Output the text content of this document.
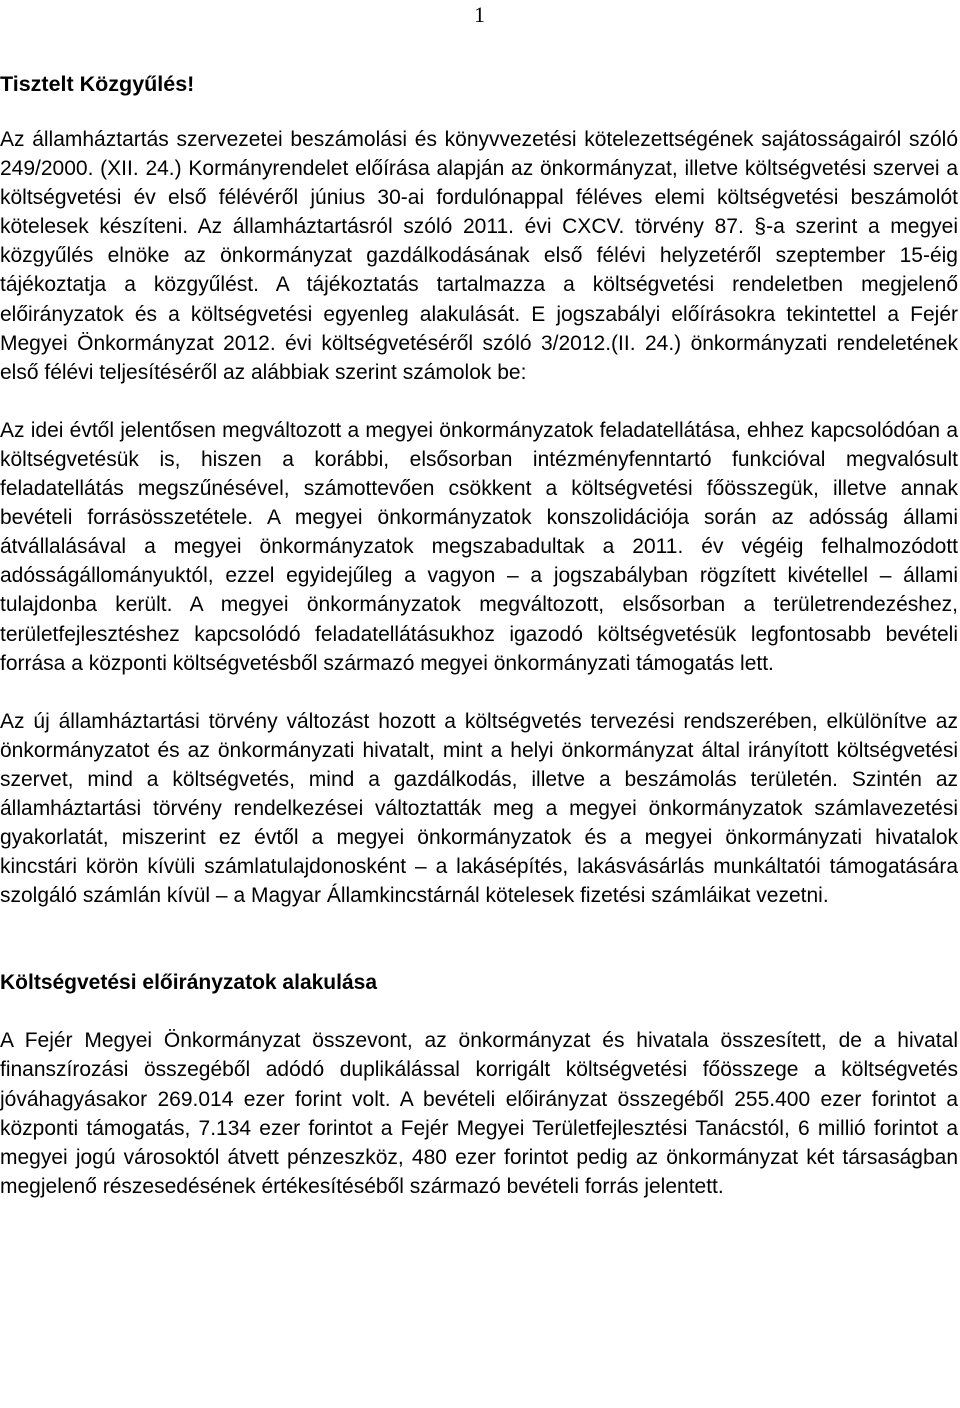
1

Tisztelt Közgyűlés!

Az államháztartás szervezetei beszámolási és könyvvezetési kötelezettségének sajátosságairól szóló 249/2000. (XII. 24.) Kormányrendelet előírása alapján az önkormányzat, illetve költségvetési szervei a költségvetési év első félévéről június 30-ai fordulónappal féléves elemi költségvetési beszámolót kötelesek készíteni. Az államháztartásról szóló 2011. évi CXCV. törvény 87. §-a szerint a megyei közgyűlés elnöke az önkormányzat gazdálkodásának első félévi helyzetéről szeptember 15-éig tájékoztatja a közgyűlést. A tájékoztatás tartalmazza a költségvetési rendeletben megjelenő előirányzatok és a költségvetési egyenleg alakulását. E jogszabályi előírásokra tekintettel a Fejér Megyei Önkormányzat 2012. évi költségvetéséről szóló 3/2012.(II. 24.) önkormányzati rendeletének első félévi teljesítéséről az alábbiak szerint számolok be:

Az idei évtől jelentősen megváltozott a megyei önkormányzatok feladatellátása, ehhez kapcsolódóan a költségvetésük is, hiszen a korábbi, elsősorban intézményfenntartó funkcióval megvalósult feladatellátás megszűnésével, számottevően csökkent a költségvetési főösszegük, illetve annak bevételi forrásösszetétele. A megyei önkormányzatok konszolidációja során az adósság állami átvállalásával a megyei önkormányzatok megszabadultak a 2011. év végéig felhalmozódott adósságállományuktól, ezzel egyidejűleg a vagyon – a jogszabályban rögzített kivétellel – állami tulajdonba került. A megyei önkormányzatok megváltozott, elsősorban a területrendezéshez, területfejlesztéshez kapcsolódó feladatellátásukhoz igazodó költségvetésük legfontosabb bevételi forrása a központi költségvetésből származó megyei önkormányzati támogatás lett.

Az új államháztartási törvény változást hozott a költségvetés tervezési rendszerében, elkülönítve az önkormányzatot és az önkormányzati hivatalt, mint a helyi önkormányzat által irányított költségvetési szervet, mind a költségvetés, mind a gazdálkodás, illetve a beszámolás területén. Szintén az államháztartási törvény rendelkezései változtatták meg a megyei önkormányzatok számlavezetési gyakorlatát, miszerint ez évtől a megyei önkormányzatok és a megyei önkormányzati hivatalok kincstári körön kívüli számlatulajdonosként – a lakásépítés, lakásvásárlás munkáltatói támogatására szolgáló számlán kívül – a Magyar Államkincstárnál kötelesek fizetési számláikat vezetni.

Költségvetési előirányzatok alakulása

A Fejér Megyei Önkormányzat összevont, az önkormányzat és hivatala összesített, de a hivatal finanszírozási összegéből adódó duplikálással korrigált költségvetési főösszege a költségvetés jóváhagyásakor 269.014 ezer forint volt. A bevételi előirányzat összegéből 255.400 ezer forintot a központi támogatás, 7.134 ezer forintot a Fejér Megyei Területfejlesztési Tanácstól, 6 millió forintot a megyei jogú városoktól átvett pénzeszköz, 480 ezer forintot pedig az önkormányzat két társaságban megjelenő részesedésének értékesítéséből származó bevételi forrás jelentett.
